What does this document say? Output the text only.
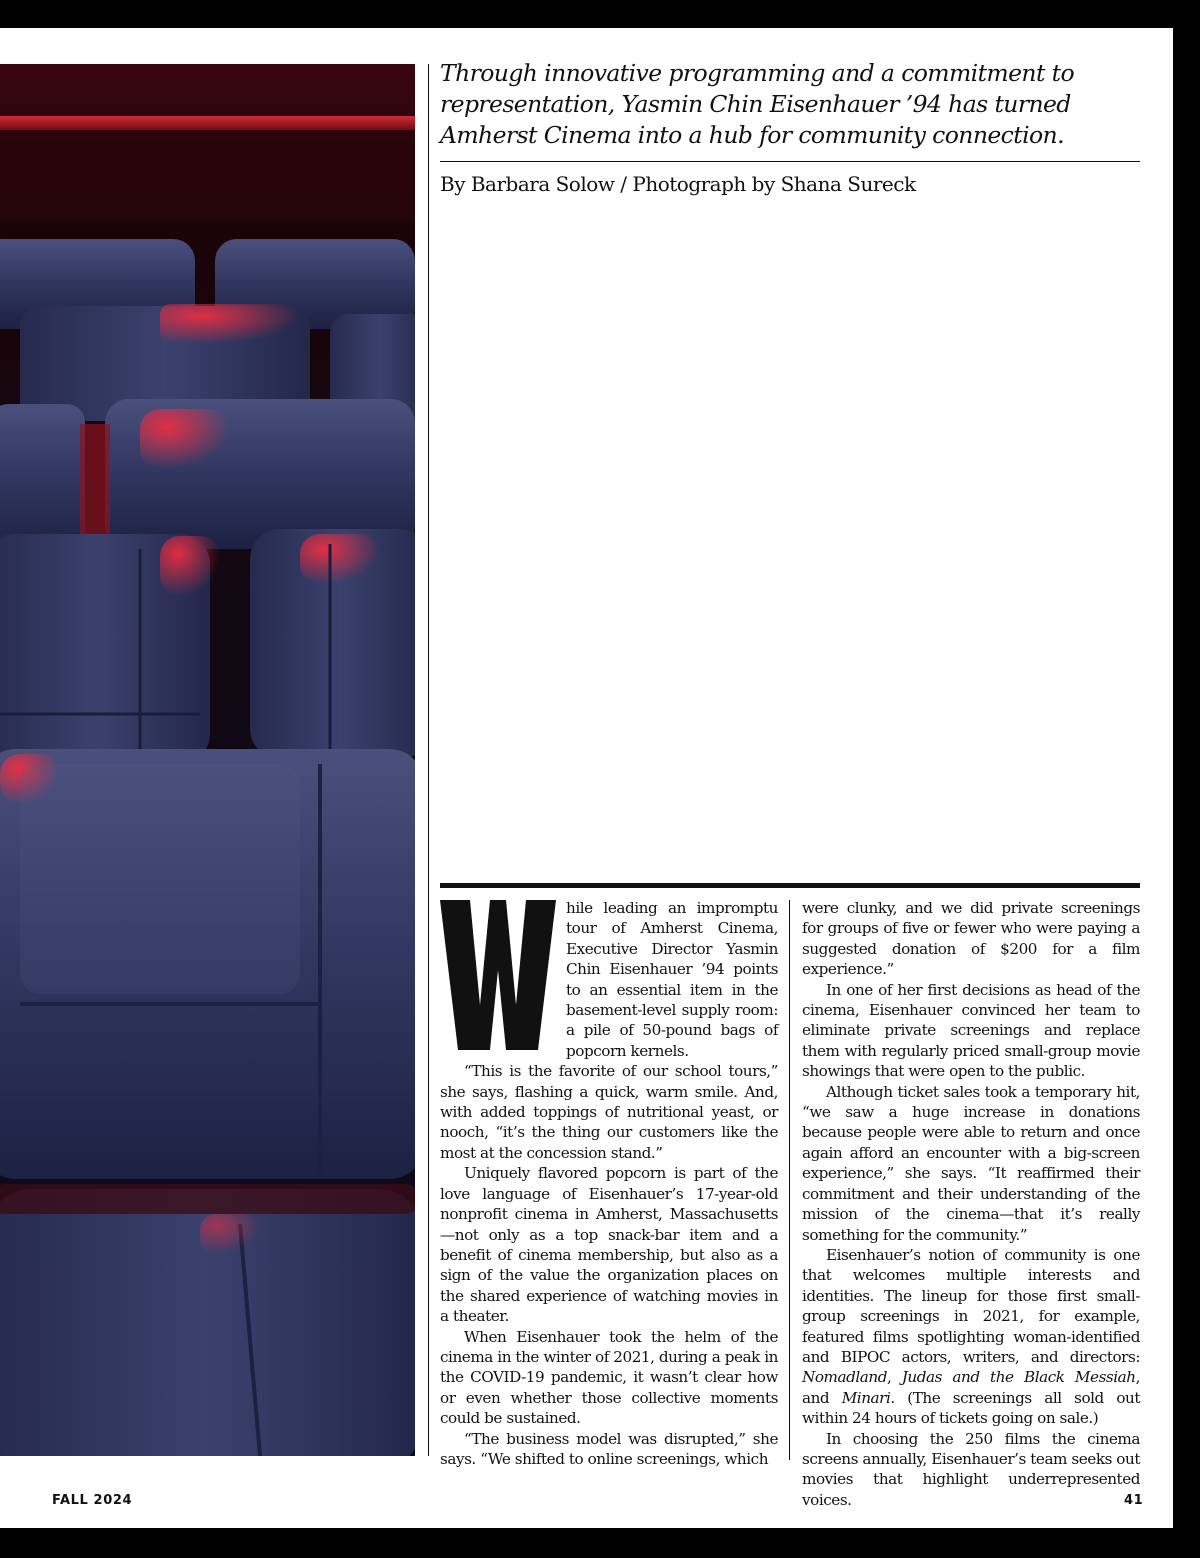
Through innovative programming and a commitment to representation, Yasmin Chin Eisenhauer ’94 has turned Amherst Cinema into a hub for community connection.
By Barbara Solow / Photograph by Shana Sureck

hile leading an impromptu tour of Amherst Cinema, Executive Director Yasmin Chin Eisenhauer ’94 points to an essential item in the basement-level supply room: a pile of 50-pound bags of popcorn kernels.

“This is the favorite of our school tours,” she says, flashing a quick, warm smile. And, with added toppings of nutritional yeast, or nooch, “it’s the thing our customers like the most at the concession stand.”

Uniquely flavored popcorn is part of the love language of Eisenhauer’s 17-year-old nonprofit cinema in Amherst, Massachusetts—not only as a top snack-bar item and a benefit of cinema membership, but also as a sign of the value the organization places on the shared experience of watching movies in a theater.

When Eisenhauer took the helm of the cinema in the winter of 2021, during a peak in the COVID-19 pandemic, it wasn’t clear how or even whether those collective moments could be sustained.

“The business model was disrupted,” she says. “We shifted to online screenings, which

were clunky, and we did private screenings for groups of five or fewer who were paying a suggested donation of $200 for a film experience.”

In one of her first decisions as head of the cinema, Eisenhauer convinced her team to eliminate private screenings and replace them with regularly priced small-group movie showings that were open to the public.

Although ticket sales took a temporary hit, “we saw a huge increase in donations because people were able to return and once again afford an encounter with a big-screen experience,” she says. “It reaffirmed their commitment and their understanding of the mission of the cinema—that it’s really something for the community.”

Eisenhauer’s notion of community is one that welcomes multiple interests and identities. The lineup for those first small-group screenings in 2021, for example, featured films spotlighting woman-identified and BIPOC actors, writers, and directors: Nomadland, Judas and the Black Messiah, and Minari. (The screenings all sold out within 24 hours of tickets going on sale.)

In choosing the 250 films the cinema screens annually, Eisenhauer’s team seeks out movies that highlight underrepresented voices.

FALL 2024	41
